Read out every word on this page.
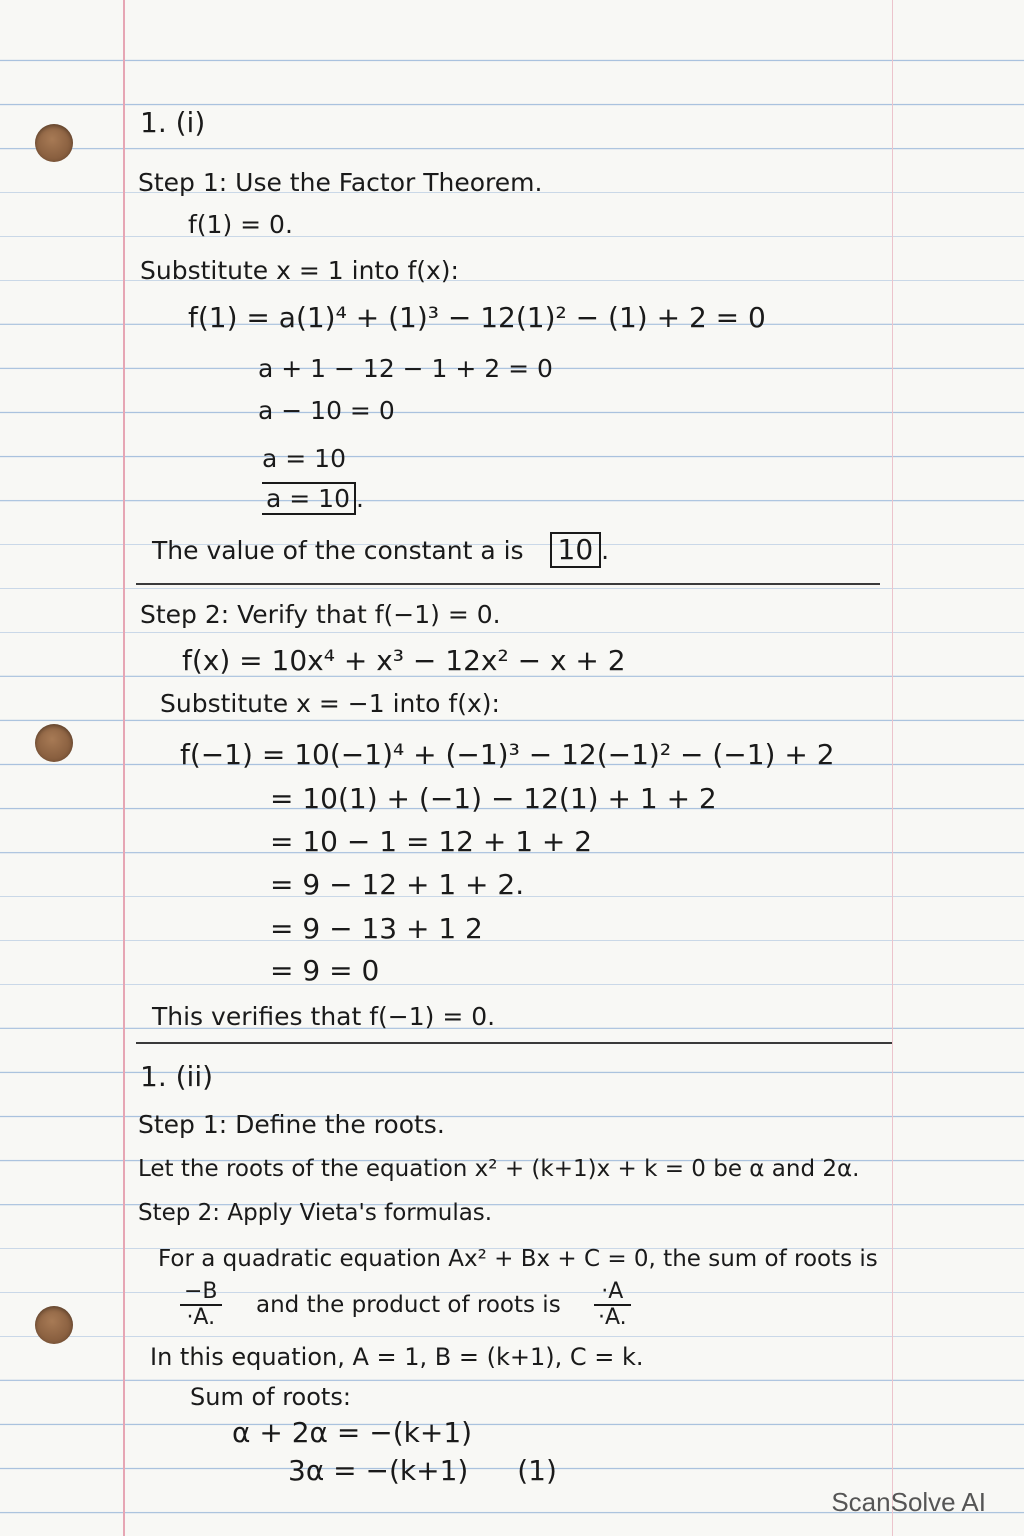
1. (i)
Step 1: Use the Factor Theorem.
f(1) = 0.
Substitute x = 1 into f(x):
f(1) = a(1)⁴ + (1)³ − 12(1)² − (1) + 2 = 0
a + 1 − 12 − 1 + 2 = 0
a − 10 = 0
a = 10
a = 10 .
The value of the constant a is 10 .
Step 2: Verify that f(−1) = 0.
f(x) = 10x⁴ + x³ − 12x² − x + 2
Substitute x = −1 into f(x):
f(−1) = 10(−1)⁴ + (−1)³ − 12(−1)² − (−1) + 2
= 10(1) + (−1) − 12(1) + 1 + 2
= 10 − 1 = 12 + 1 + 2
= 9 − 12 + 1 + 2.
= 9 − 13 + 1 2
= 9 = 0
This verifies that f(−1) = 0.
1. (ii)
Step 1: Define the roots.
Let the roots of the equation x² + (k+1)x + k = 0 be α and 2α.
Step 2: Apply Vieta's formulas.
For a quadratic equation Ax² + Bx + C = 0, the sum of roots is
$\frac{-B}{\cdot A.}$ and the product of roots is $\frac{\cdot A}{\cdot A.}$
In this equation, A = 1, B = (k+1), C = k.
Sum of roots:
α + 2α = −(k+1)
3α = −(k+1) (1)
ScanSolve AI
